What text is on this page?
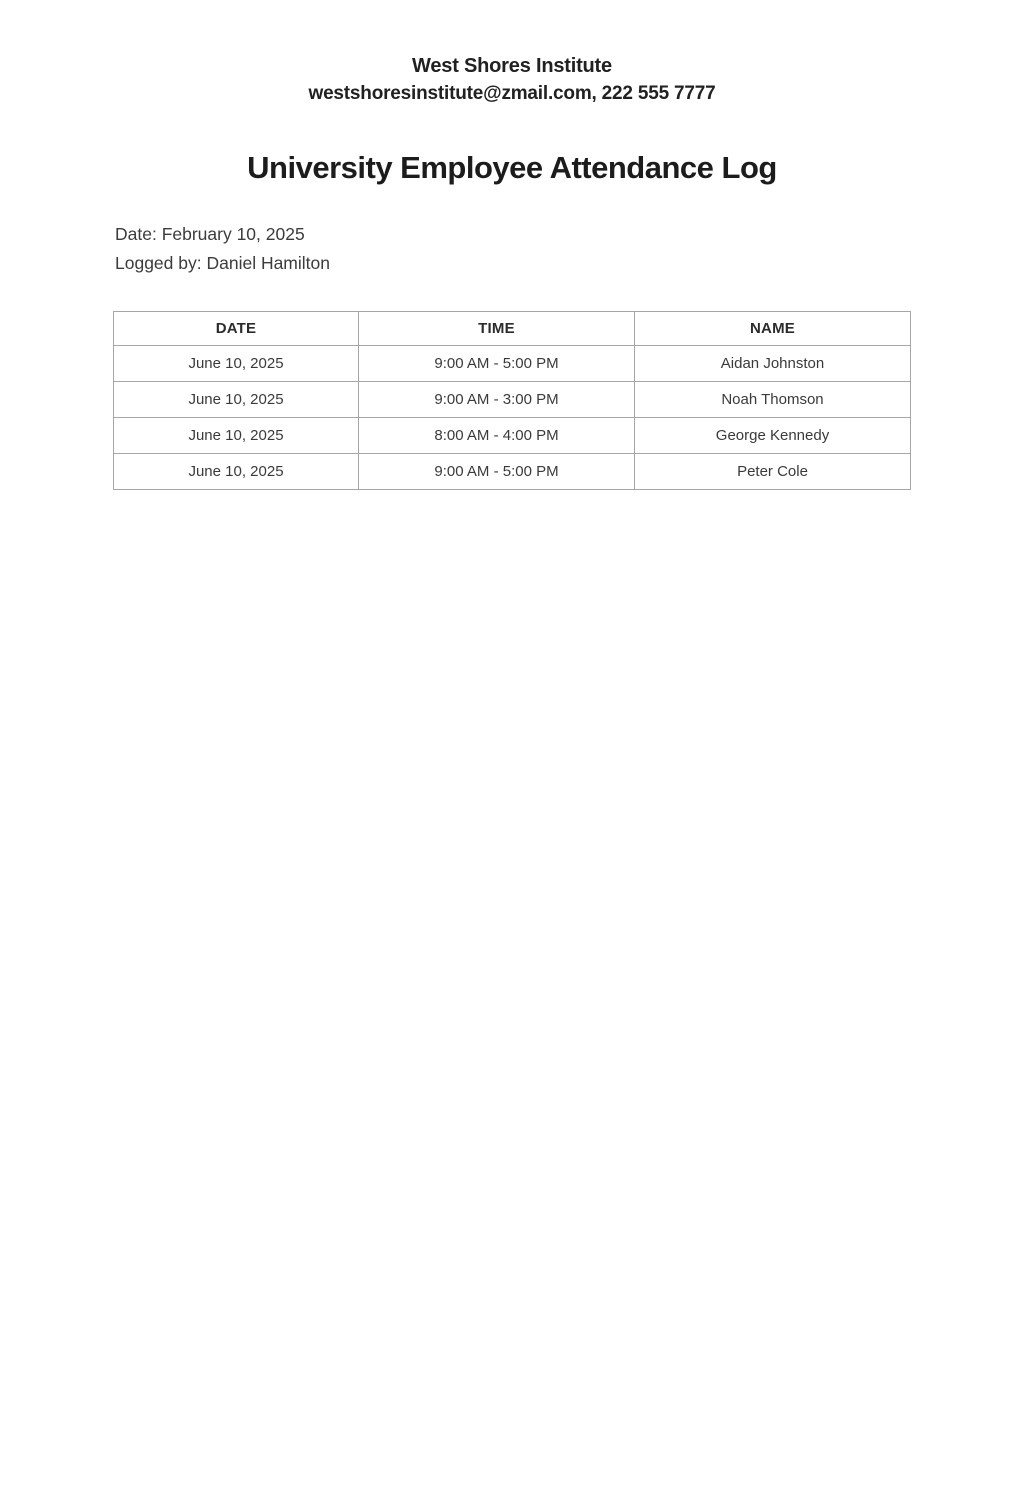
West Shores Institute
westshoresinstitute@zmail.com, 222 555 7777
University Employee Attendance Log
Date: February 10, 2025
Logged by: Daniel Hamilton
DATE	TIME	NAME
June 10, 2025	9:00 AM - 5:00 PM	Aidan Johnston
June 10, 2025	9:00 AM - 3:00 PM	Noah Thomson
June 10, 2025	8:00 AM - 4:00 PM	George Kennedy
June 10, 2025	9:00 AM - 5:00 PM	Peter Cole
